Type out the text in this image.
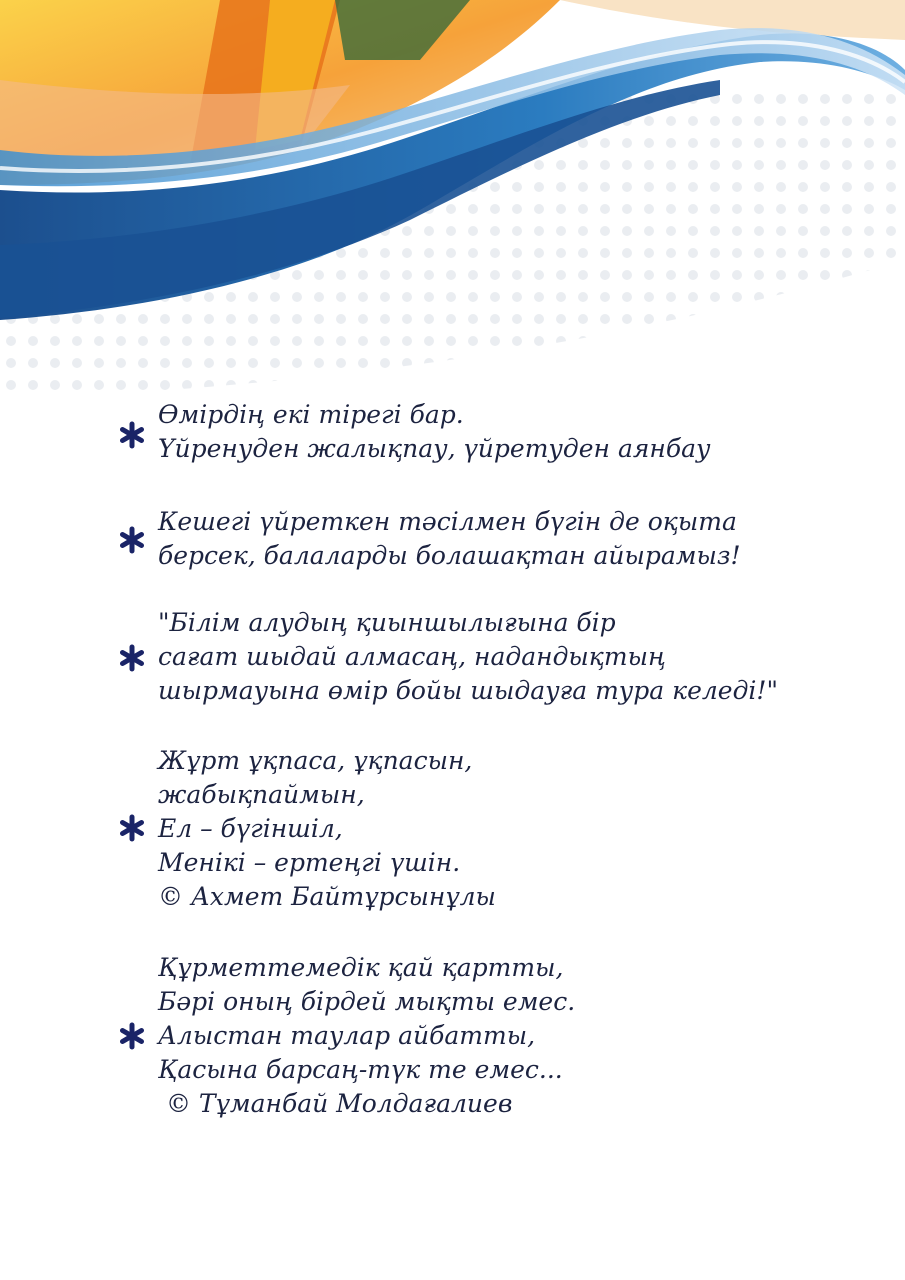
Өмірдің екі тірегі бар.
Үйренуден жалықпау, үйретуден аянбау
Кешегі үйреткен тәсілмен бүгін де оқыта
берсек, балаларды болашақтан айырамыз!
"Білім алудың қиыншылығына бір
сағат шыдай алмасаң, надандықтың
шырмауына өмір бойы шыдауға тура келеді!"
Жұрт ұқпаса, ұқпасын,
жабықпаймын,
Ел – бүгіншіл,
Менікі – ертеңгі үшін.
© Ахмет Байтұрсынұлы
Құрметтемедік қай қартты,
Бәрі оның бірдей мықты емес.
Алыстан таулар айбатты,
Қасына барсаң-түк те емес...
© Тұманбай Молдағалиев
